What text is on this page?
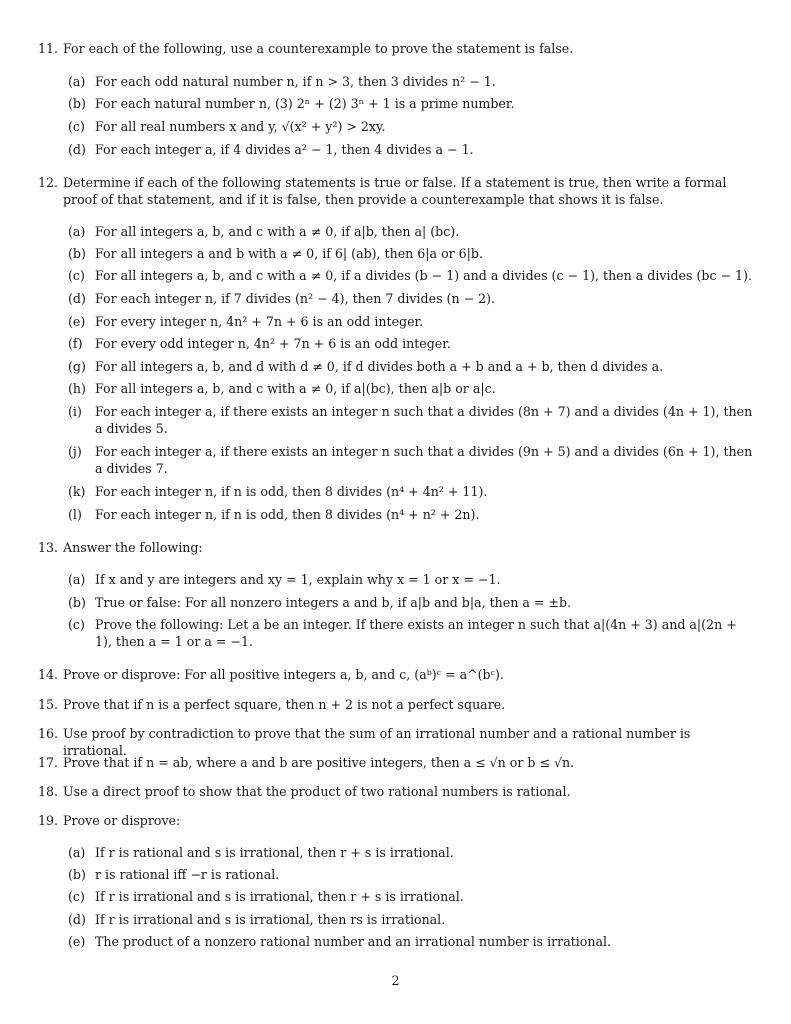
11. For each of the following, use a counterexample to prove the statement is false.
(a) For each odd natural number n, if n > 3, then 3 divides n² − 1.
(b) For each natural number n, (3) 2ⁿ + (2) 3ⁿ + 1 is a prime number.
(c) For all real numbers x and y, √(x² + y²) > 2xy.
(d) For each integer a, if 4 divides a² − 1, then 4 divides a − 1.
12. Determine if each of the following statements is true or false. If a statement is true, then write a formal proof of that statement, and if it is false, then provide a counterexample that shows it is false.
(a) For all integers a, b, and c with a ≠ 0, if a|b, then a| (bc).
(b) For all integers a and b with a ≠ 0, if 6| (ab), then 6|a or 6|b.
(c) For all integers a, b, and c with a ≠ 0, if a divides (b − 1) and a divides (c − 1), then a divides (bc − 1).
(d) For each integer n, if 7 divides (n² − 4), then 7 divides (n − 2).
(e) For every integer n, 4n² + 7n + 6 is an odd integer.
(f) For every odd integer n, 4n² + 7n + 6 is an odd integer.
(g) For all integers a, b, and d with d ≠ 0, if d divides both a + b and a + b, then d divides a.
(h) For all integers a, b, and c with a ≠ 0, if a|(bc), then a|b or a|c.
(i)	For each integer a, if there exists an integer n such that a divides (8n + 7) and a divides (4n + 1), then a divides 5.
(j)	For each integer a, if there exists an integer n such that a divides (9n + 5) and a divides (6n + 1), then a divides 7.
(k) For each integer n, if n is odd, then 8 divides (n⁴ + 4n² + 11).
(l)	For each integer n, if n is odd, then 8 divides (n⁴ + n² + 2n).
13. Answer the following:
(a) If x and y are integers and xy = 1, explain why x = 1 or x = −1.
(b) True or false: For all nonzero integers a and b, if a|b and b|a, then a = ±b.
(c) Prove the following: Let a be an integer. If there exists an integer n such that a|(4n + 3) and a|(2n + 1), then a = 1 or a = −1.
14. Prove or disprove: For all positive integers a, b, and c, (aᵇ)ᶜ = a^(bᶜ).
15. Prove that if n is a perfect square, then n + 2 is not a perfect square.
16. Use proof by contradiction to prove that the sum of an irrational number and a rational number is irrational.
17. Prove that if n = ab, where a and b are positive integers, then a ≤ √n or b ≤ √n.
18. Use a direct proof to show that the product of two rational numbers is rational.
19. Prove or disprove:
(a) If r is rational and s is irrational, then r + s is irrational.
(b) r is rational iff −r is rational.
(c) If r is irrational and s is irrational, then r + s is irrational.
(d) If r is irrational and s is irrational, then rs is irrational.
(e) The product of a nonzero rational number and an irrational number is irrational.
2
